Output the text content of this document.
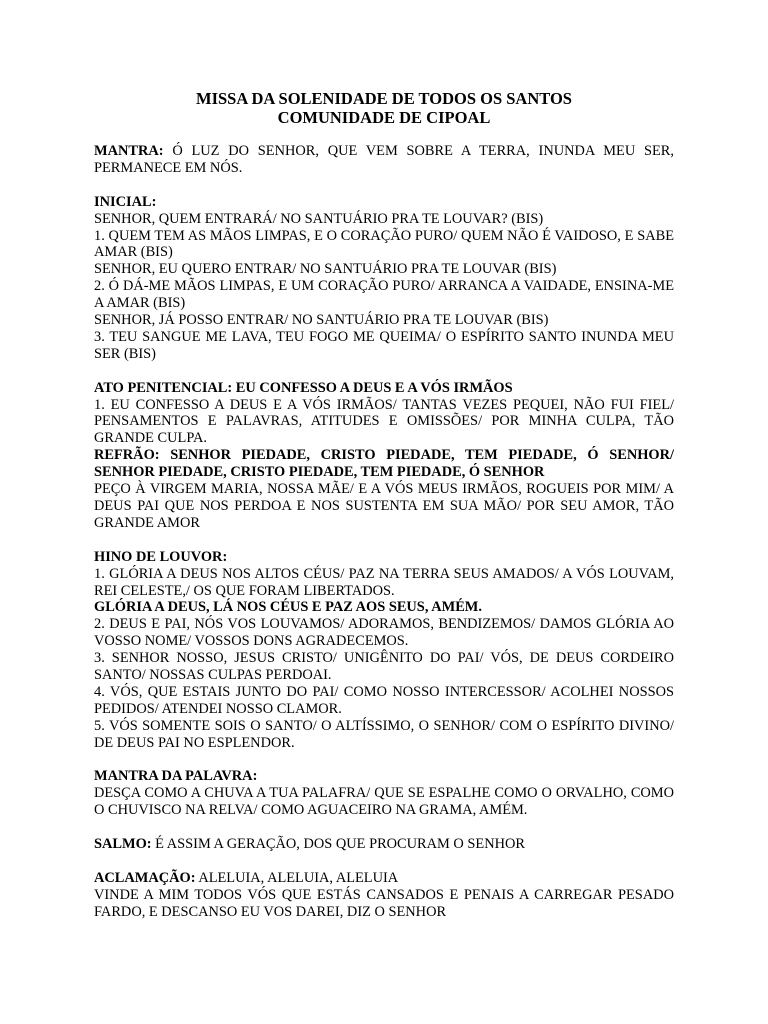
MISSA DA SOLENIDADE DE TODOS OS SANTOS
COMUNIDADE DE CIPOAL
MANTRA: Ó LUZ DO SENHOR, QUE VEM SOBRE A TERRA, INUNDA MEU SER, PERMANECE EM NÓS.
INICIAL:
SENHOR, QUEM ENTRARÁ/ NO SANTUÁRIO PRA TE LOUVAR? (BIS)
1. QUEM TEM AS MÃOS LIMPAS, E O CORAÇÃO PURO/ QUEM NÃO É VAIDOSO, E SABE AMAR (BIS)
SENHOR, EU QUERO ENTRAR/ NO SANTUÁRIO PRA TE LOUVAR (BIS)
2. Ó DÁ-ME MÃOS LIMPAS, E UM CORAÇÃO PURO/ ARRANCA A VAIDADE, ENSINA-ME A AMAR (BIS)
SENHOR, JÁ POSSO ENTRAR/ NO SANTUÁRIO PRA TE LOUVAR (BIS)
3. TEU SANGUE ME LAVA, TEU FOGO ME QUEIMA/ O ESPÍRITO SANTO INUNDA MEU SER (BIS)
ATO PENITENCIAL: EU CONFESSO A DEUS E A VÓS IRMÃOS
1. EU CONFESSO A DEUS E A VÓS IRMÃOS/ TANTAS VEZES PEQUEI, NÃO FUI FIEL/ PENSAMENTOS E PALAVRAS, ATITUDES E OMISSÕES/ POR MINHA CULPA, TÃO GRANDE CULPA.
REFRÃO: SENHOR PIEDADE, CRISTO PIEDADE, TEM PIEDADE, Ó SENHOR/ SENHOR PIEDADE, CRISTO PIEDADE, TEM PIEDADE, Ó SENHOR
PEÇO À VIRGEM MARIA, NOSSA MÃE/ E A VÓS MEUS IRMÃOS, ROGUEIS POR MIM/ A DEUS PAI QUE NOS PERDOA E NOS SUSTENTA EM SUA MÃO/ POR SEU AMOR, TÃO GRANDE AMOR
HINO DE LOUVOR:
1. GLÓRIA A DEUS NOS ALTOS CÉUS/ PAZ NA TERRA SEUS AMADOS/ A VÓS LOUVAM, REI CELESTE,/ OS QUE FORAM LIBERTADOS.
GLÓRIA A DEUS, LÁ NOS CÉUS E PAZ AOS SEUS, AMÉM.
2. DEUS E PAI, NÓS VOS LOUVAMOS/ ADORAMOS, BENDIZEMOS/ DAMOS GLÓRIA AO VOSSO NOME/ VOSSOS DONS AGRADECEMOS.
3. SENHOR NOSSO, JESUS CRISTO/ UNIGÊNITO DO PAI/ VÓS, DE DEUS CORDEIRO SANTO/ NOSSAS CULPAS PERDOAI.
4. VÓS, QUE ESTAIS JUNTO DO PAI/ COMO NOSSO INTERCESSOR/ ACOLHEI NOSSOS PEDIDOS/ ATENDEI NOSSO CLAMOR.
5. VÓS SOMENTE SOIS O SANTO/ O ALTÍSSIMO, O SENHOR/ COM O ESPÍRITO DIVINO/ DE DEUS PAI NO ESPLENDOR.
MANTRA DA PALAVRA:
DESÇA COMO A CHUVA A TUA PALAFRA/ QUE SE ESPALHE COMO O ORVALHO, COMO O CHUVISCO NA RELVA/ COMO AGUACEIRO NA GRAMA, AMÉM.
SALMO: É ASSIM A GERAÇÃO, DOS QUE PROCURAM O SENHOR
ACLAMAÇÃO: ALELUIA, ALELUIA, ALELUIA
VINDE A MIM TODOS VÓS QUE ESTÁS CANSADOS E PENAIS A CARREGAR PESADO FARDO, E DESCANSO EU VOS DAREI, DIZ O SENHOR
